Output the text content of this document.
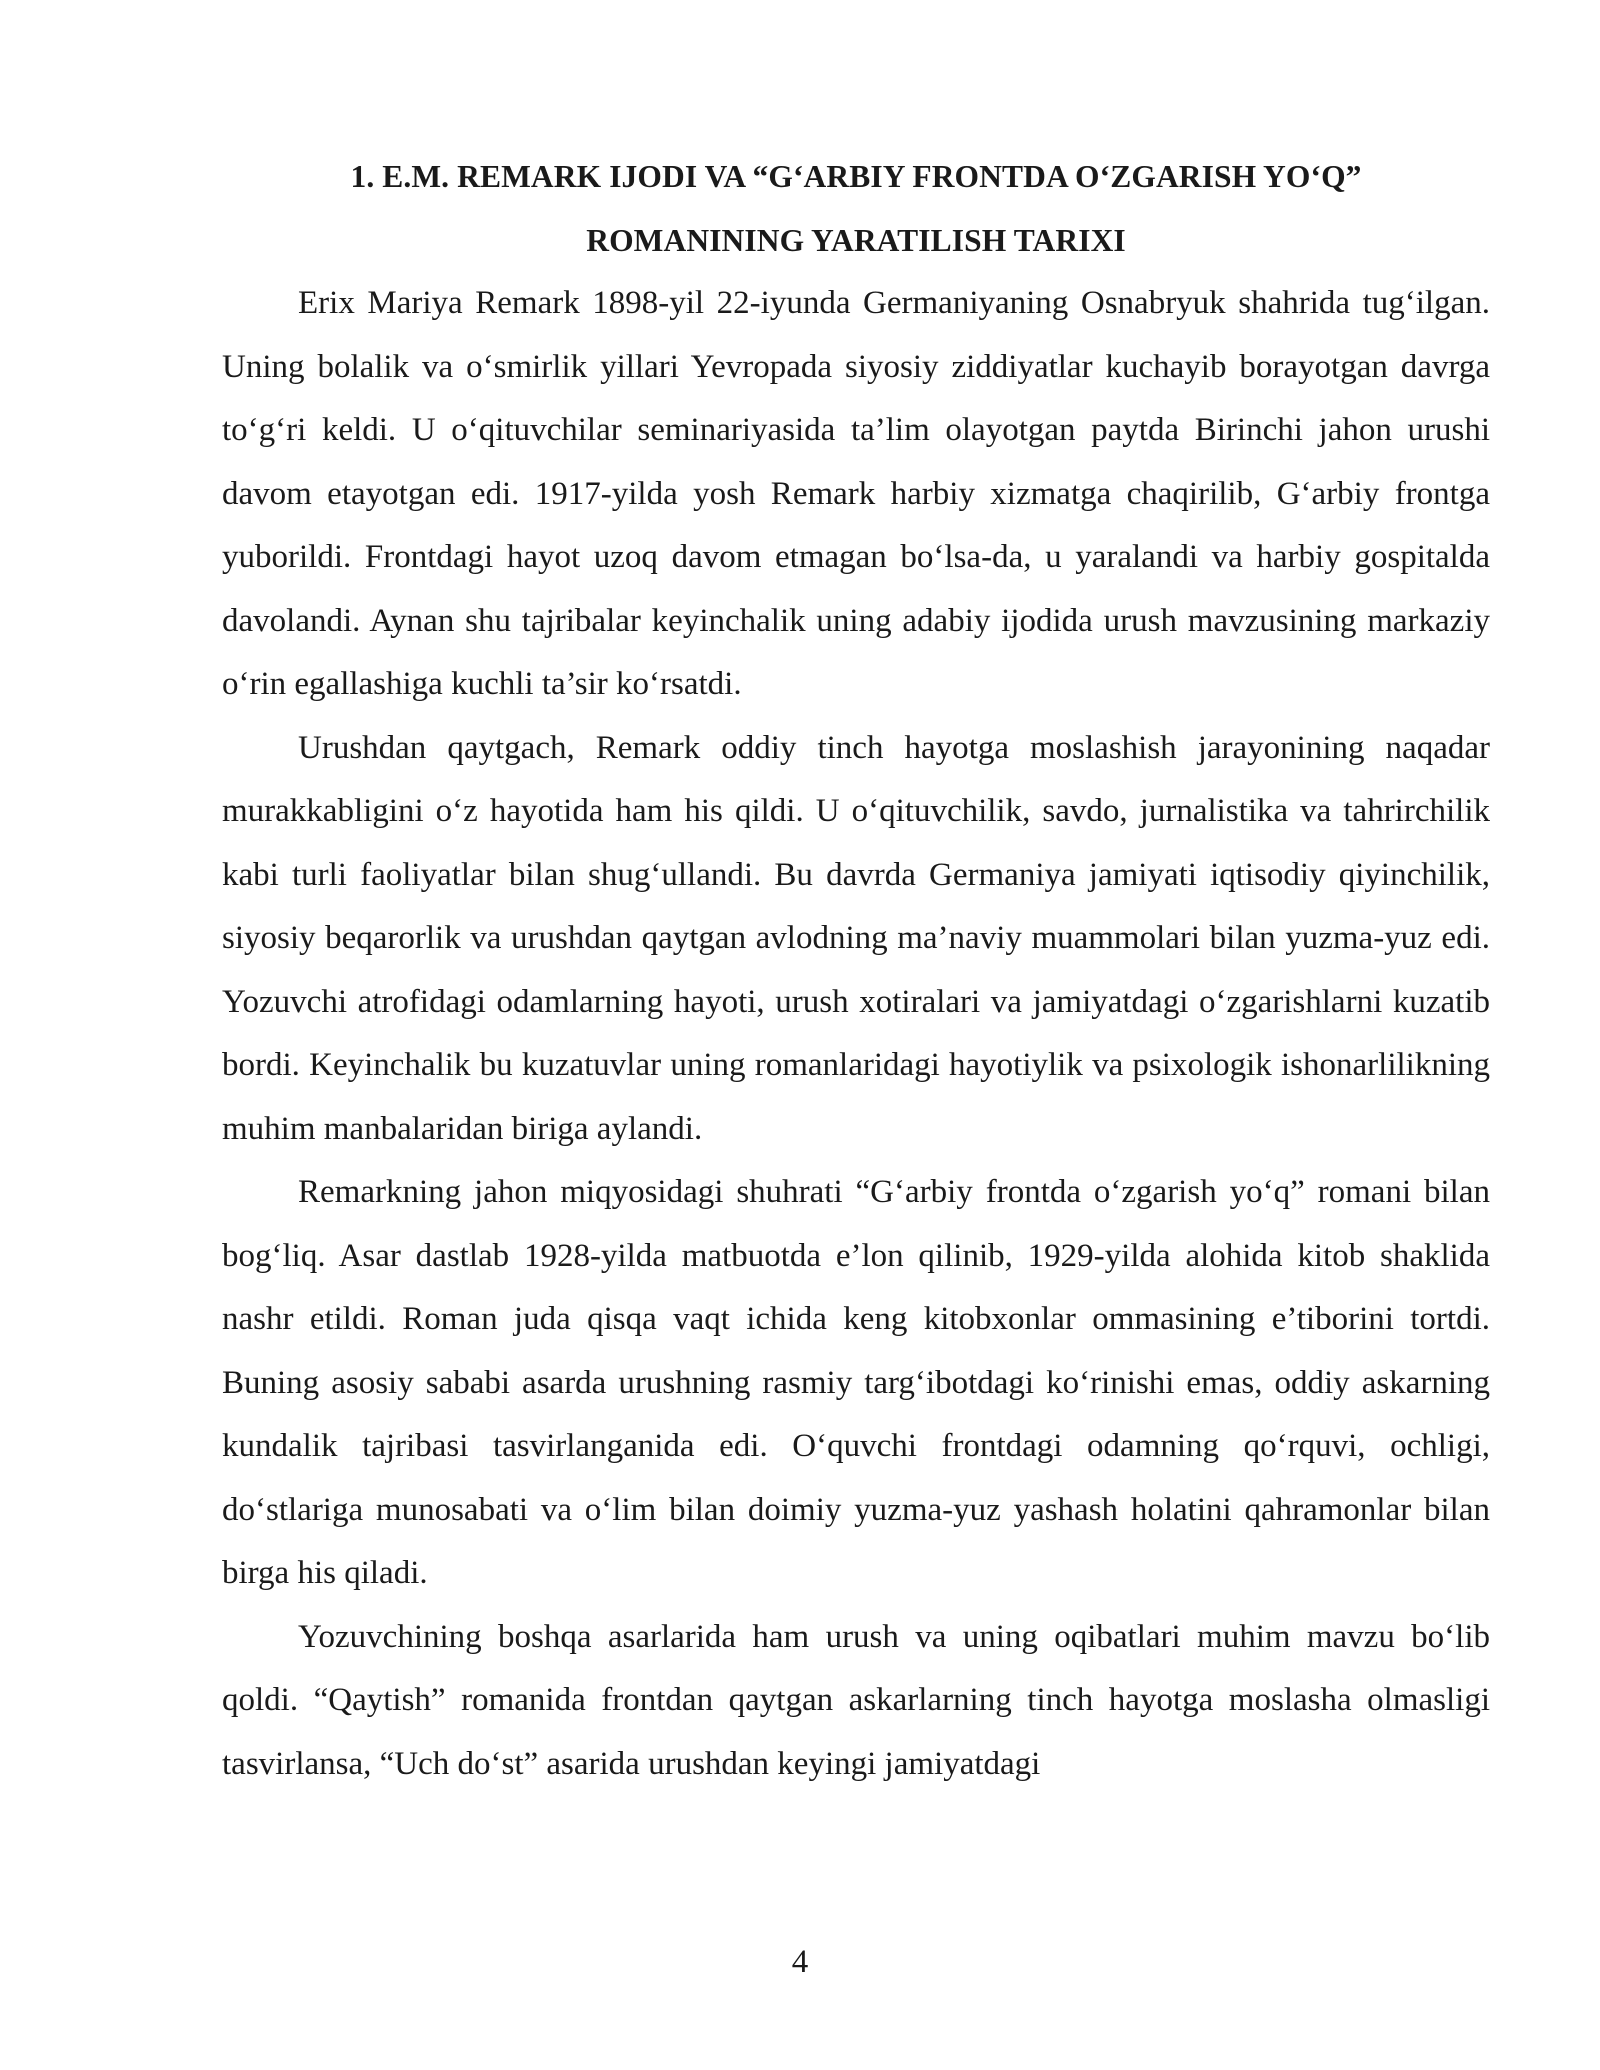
1. E.M. REMARK IJODI VA “G‘ARBIY FRONTDA O‘ZGARISH YO‘Q”
ROMANINING YARATILISH TARIXI

Erix Mariya Remark 1898-yil 22-iyunda Germaniyaning Osnabryuk shahrida tug‘ilgan. Uning bolalik va o‘smirlik yillari Yevropada siyosiy ziddiyatlar kuchayib borayotgan davrga to‘g‘ri keldi. U o‘qituvchilar seminariyasida ta’lim olayotgan paytda Birinchi jahon urushi davom etayotgan edi. 1917-yilda yosh Remark harbiy xizmatga chaqirilib, G‘arbiy frontga yuborildi. Frontdagi hayot uzoq davom etmagan bo‘lsa-da, u yaralandi va harbiy gospitalda davolandi. Aynan shu tajribalar keyinchalik uning adabiy ijodida urush mavzusining markaziy o‘rin egallashiga kuchli ta’sir ko‘rsatdi.

Urushdan qaytgach, Remark oddiy tinch hayotga moslashish jarayonining naqadar murakkabligini o‘z hayotida ham his qildi. U o‘qituvchilik, savdo, jurnalistika va tahrirchilik kabi turli faoliyatlar bilan shug‘ullandi. Bu davrda Germaniya jamiyati iqtisodiy qiyinchilik, siyosiy beqarorlik va urushdan qaytgan avlodning ma’naviy muammolari bilan yuzma-yuz edi. Yozuvchi atrofidagi odamlarning hayoti, urush xotiralari va jamiyatdagi o‘zgarishlarni kuzatib bordi. Keyinchalik bu kuzatuvlar uning romanlaridagi hayotiylik va psixologik ishonarlilikning muhim manbalaridan biriga aylandi.

Remarkning jahon miqyosidagi shuhrati “G‘arbiy frontda o‘zgarish yo‘q” romani bilan bog‘liq. Asar dastlab 1928-yilda matbuotda e’lon qilinib, 1929-yilda alohida kitob shaklida nashr etildi. Roman juda qisqa vaqt ichida keng kitobxonlar ommasining e’tiborini tortdi. Buning asosiy sababi asarda urushning rasmiy targ‘ibotdagi ko‘rinishi emas, oddiy askarning kundalik tajribasi tasvirlanganida edi. O‘quvchi frontdagi odamning qo‘rquvi, ochligi, do‘stlariga munosabati va o‘lim bilan doimiy yuzma-yuz yashash holatini qahramonlar bilan birga his qiladi.

Yozuvchining boshqa asarlarida ham urush va uning oqibatlari muhim mavzu bo‘lib qoldi. “Qaytish” romanida frontdan qaytgan askarlarning tinch hayotga moslasha olmasligi tasvirlansa, “Uch do‘st” asarida urushdan keyingi jamiyatdagi

4
